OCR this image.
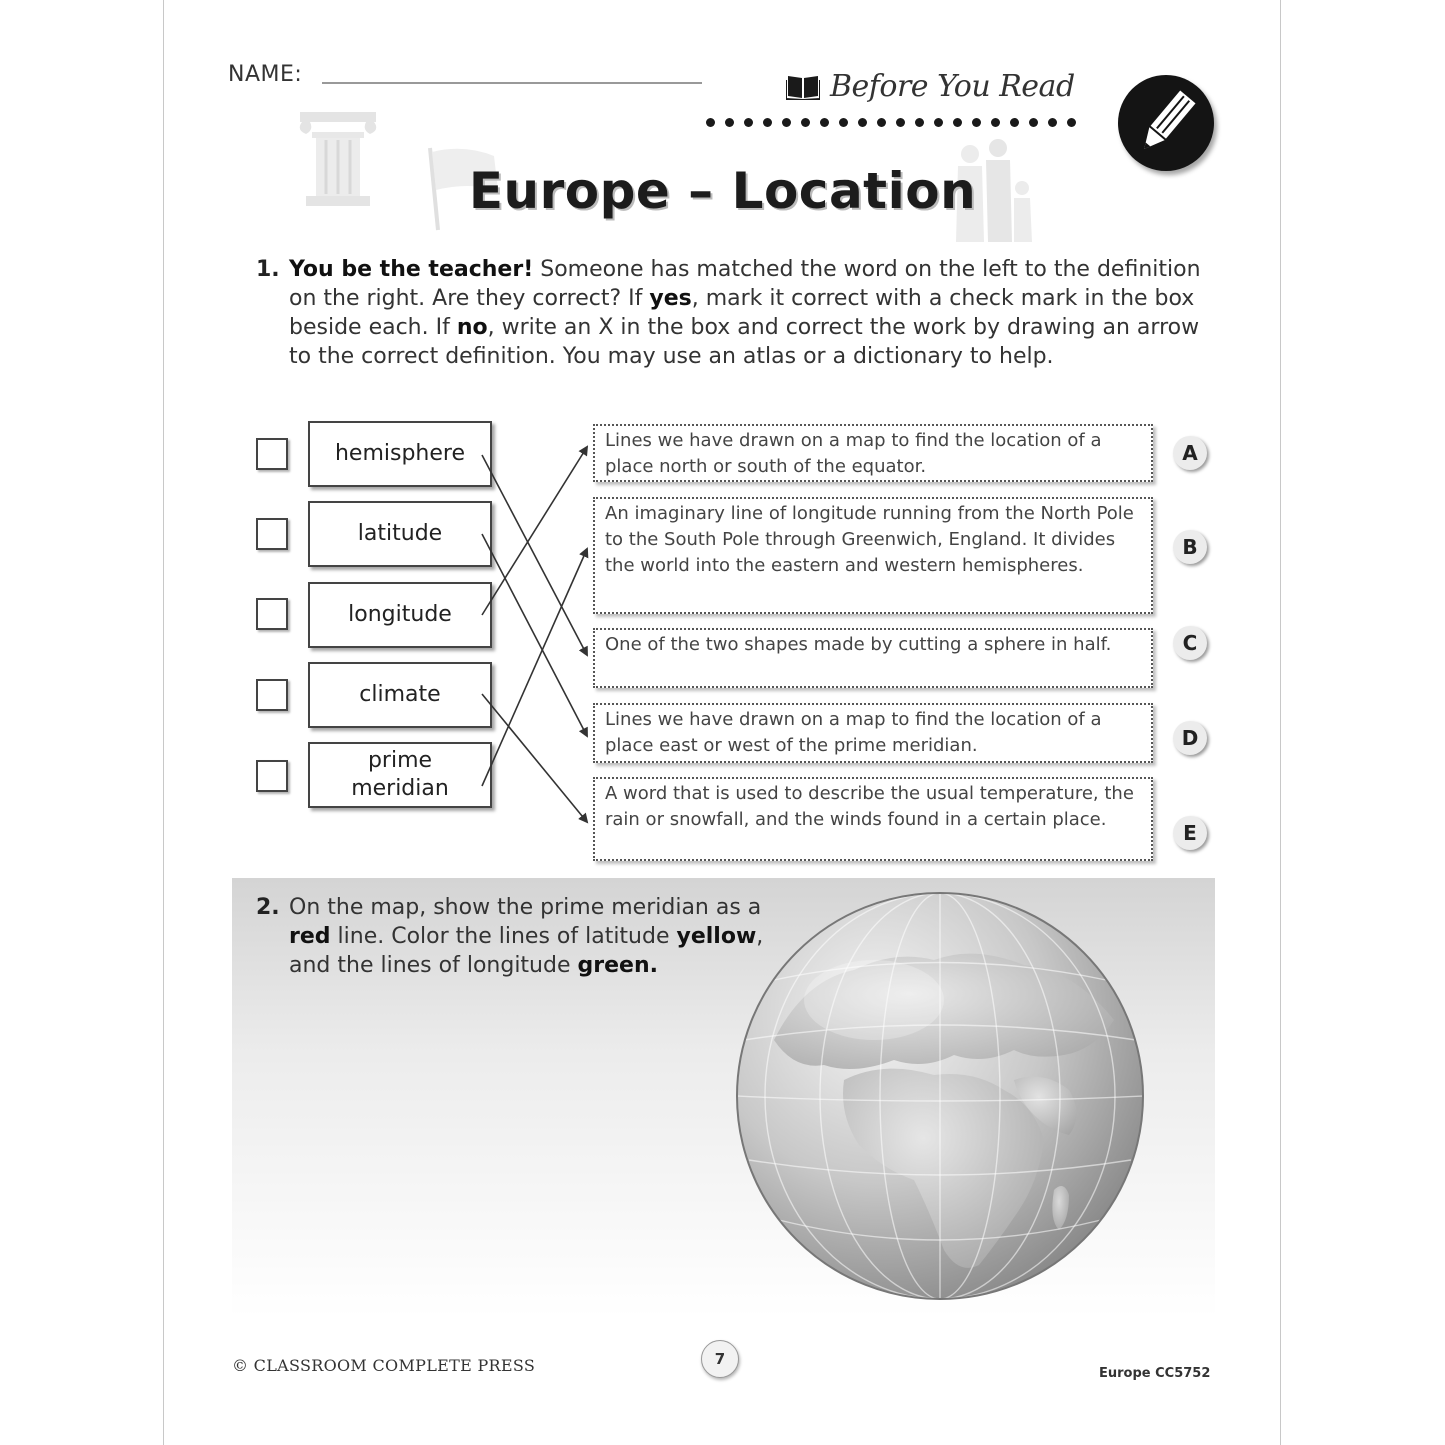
NAME:	Before You Read
Europe – Location
1. You be the teacher! Someone has matched the word on the left to the definition on the right. Are they correct? If yes, mark it correct with a check mark in the box beside each. If no, write an X in the box and correct the work by drawing an arrow to the correct definition. You may use an atlas or a dictionary to help.
hemisphere
latitude
longitude
climate
prime meridian
Lines we have drawn on a map to find the location of a place north or south of the equator.
An imaginary line of longitude running from the North Pole to the South Pole through Greenwich, England. It divides the world into the eastern and western hemispheres.
One of the two shapes made by cutting a sphere in half.
Lines we have drawn on a map to find the location of a place east or west of the prime meridian.
A word that is used to describe the usual temperature, the rain or snowfall, and the winds found in a certain place.
A
B
C
D
E
2. On the map, show the prime meridian as a red line. Color the lines of latitude yellow, and the lines of longitude green.
© CLASSROOM COMPLETE PRESS	7
Europe CC5752
